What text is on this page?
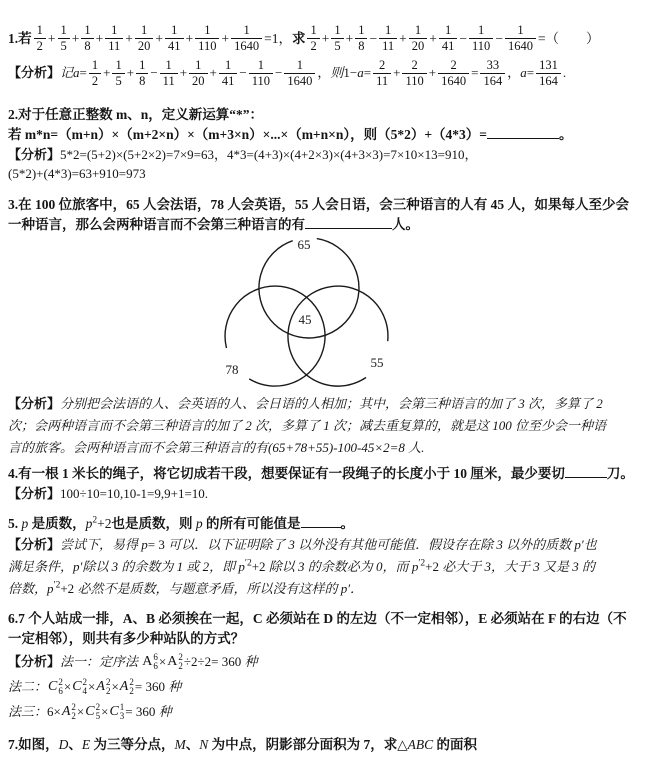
1.若 $\frac{1}{2} + \frac{1}{5} + \frac{1}{8} + \frac{1}{11} + \frac{1}{20} + \frac{1}{41} + \frac{1}{110} + \frac{1}{1640} =1$，求 $\frac{1}{2} + \frac{1}{5} + \frac{1}{8} - \frac{1}{11} + \frac{1}{20} + \frac{1}{41} - \frac{1}{110} - \frac{1}{1640}$ =（　　）
【分析】记$a= \frac{1}{2} + \frac{1}{5} + \frac{1}{8} - \frac{1}{11} + \frac{1}{20} + \frac{1}{41} - \frac{1}{110} - \frac{1}{1640}$ ，则$1-a= \frac{2}{11} + \frac{2}{110} + \frac{2}{1640} = \frac{33}{164}$ ，$a= \frac{131}{164}$ .
2.对于任意正整数 m、n，定义新运算“*”：
若 m*n=（m+n）×（m+2×n）×（m+3×n）×...×（m+n×n），则（5*2）+（4*3）=	。
【分析】5*2=(5+2)×(5+2×2)=7×9=63，4*3=(4+3)×(4+2×3)×(4+3×3)=7×10×13=910，
(5*2)+(4*3)=63+910=973
3.在 100 位旅客中，65 人会法语，78 人会英语，55 人会日语，会三种语言的人有 45 人，如果每人至少会
一种语言，那么会两种语言而不会第三种语言的有	人。
65
45
78	55
【分析】分别把会法语的人、会英语的人、会日语的人相加；其中，会第三种语言的加了 3 次，多算了 2
次；会两种语言而不会第三种语言的加了 2 次，多算了 1 次；减去重复算的，就是这 100 位至少会一种语
言的旅客。会两种语言而不会第三种语言的有(65+78+55)-100-45×2=8 人.
4.有一根 1 米长的绳子，将它切成若干段，想要保证有一段绳子的长度小于 10 厘米，最少要切	刀。
【分析】100÷10=10,10-1=9,9+1=10.
5. p 是质数，$p^2+2$也是质数，则 p 的所有可能值是	。
【分析】尝试下，易得 p= 3 可以．以下证明除了 3 以外没有其他可能值．假设存在除 3 以外的质数 p′也
满足条件，p′除以 3 的余数为 1 或 2，即 $p^{'2}+2$ 除以 3 的余数必为 0，而 $p^{'2}+2$ 必大于 3，大于 3 又是 3 的
倍数，$p^{'2}+2$ 必然不是质数，与题意矛盾，所以没有这样的 p′．
6.7 个人站成一排，A、B 必须挨在一起，C 必须站在 D 的左边（不一定相邻），E 必须站在 F 的右边（不
一定相邻），则共有多少种站队的方式？
【分析】法一：定序法 A 6
6 × A 2
2 ÷2÷2= 360 种
法二： C 2
6 × C 2
4 × A 2
2 × A 2
2 = 360 种
法三：6× A 2
2 × C 2
5 × C 1
3 = 360 种
7.如图，D、E 为三等分点，M、N 为中点，阴影部分面积为 7，求△ABC 的面积
